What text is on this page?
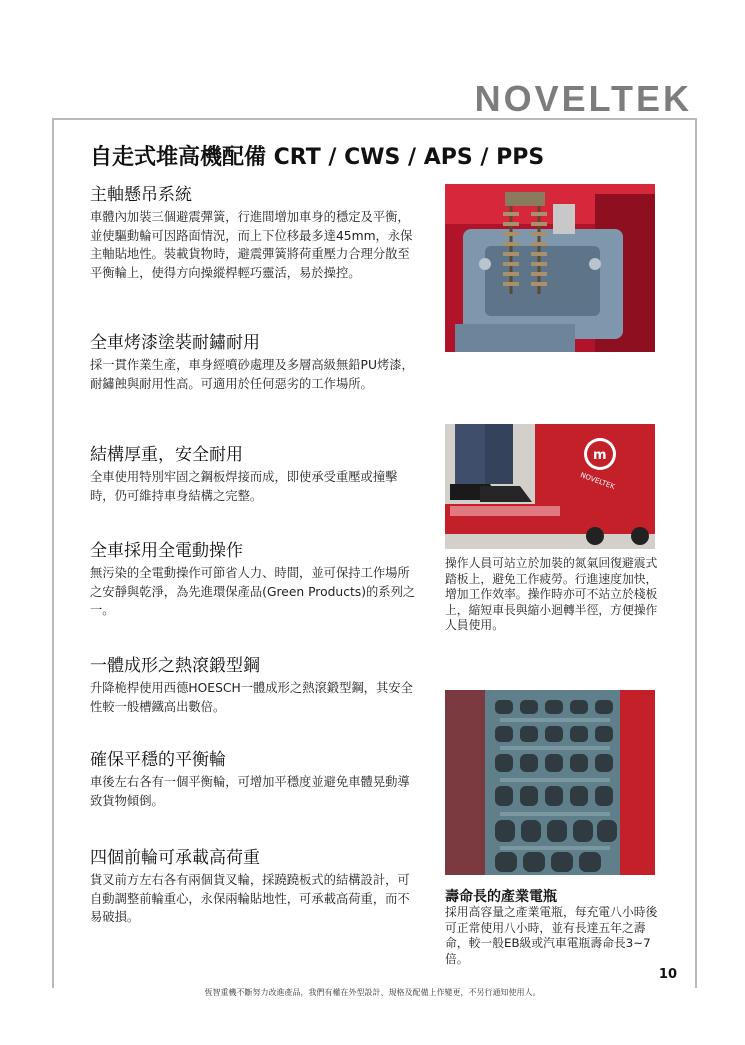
NOVELTEK
自走式堆高機配備 CRT / CWS / APS / PPS
主軸懸吊系統

車體內加裝三個避震彈簧，行進間增加車身的穩定及平衡，並使驅動輪可因路面情況，而上下位移最多達45mm，永保主軸貼地性。裝載貨物時，避震彈簧將荷重壓力合理分散至平衡輪上，使得方向操縱桿輕巧靈活，易於操控。

全車烤漆塗裝耐鏽耐用

採一貫作業生產，車身經噴砂處理及多層高級無鉛PU烤漆，耐鏽蝕與耐用性高。可適用於任何惡劣的工作場所。

結構厚重，安全耐用

全車使用特別牢固之鋼板焊接而成，即使承受重壓或撞擊時，仍可維持車身結構之完整。

全車採用全電動操作

無污染的全電動操作可節省人力、時間，並可保持工作場所之安靜與乾淨，為先進環保產品(Green Products)的系列之一。

一體成形之熱滾鍛型鋼

升降桅桿使用西德HOESCH一體成形之熱滾鍛型鋼，其安全性較一般槽鐵高出數倍。

確保平穩的平衡輪

車後左右各有一個平衡輪，可增加平穩度並避免車體晃動導致貨物傾倒。

四個前輪可承載高荷重

貨叉前方左右各有兩個貨叉輪，採蹺蹺板式的結構設計，可自動調整前輪重心，永保兩輪貼地性，可承載高荷重，而不易破損。

m
NOVELTEK

操作人員可站立於加裝的氮氣回復避震式踏板上，避免工作疲勞。行進速度加快，增加工作效率。操作時亦可不站立於棧板上，縮短車長與縮小迴轉半徑，方便操作人員使用。

壽命長的產業電瓶

採用高容量之產業電瓶，每充電八小時後可正常使用八小時，並有長達五年之壽命，較一般EB級或汽車電瓶壽命長3~7倍。

10
恆智重機不斷努力改進產品，我們有權在外型設計、規格及配備上作變更，不另行通知使用人。
